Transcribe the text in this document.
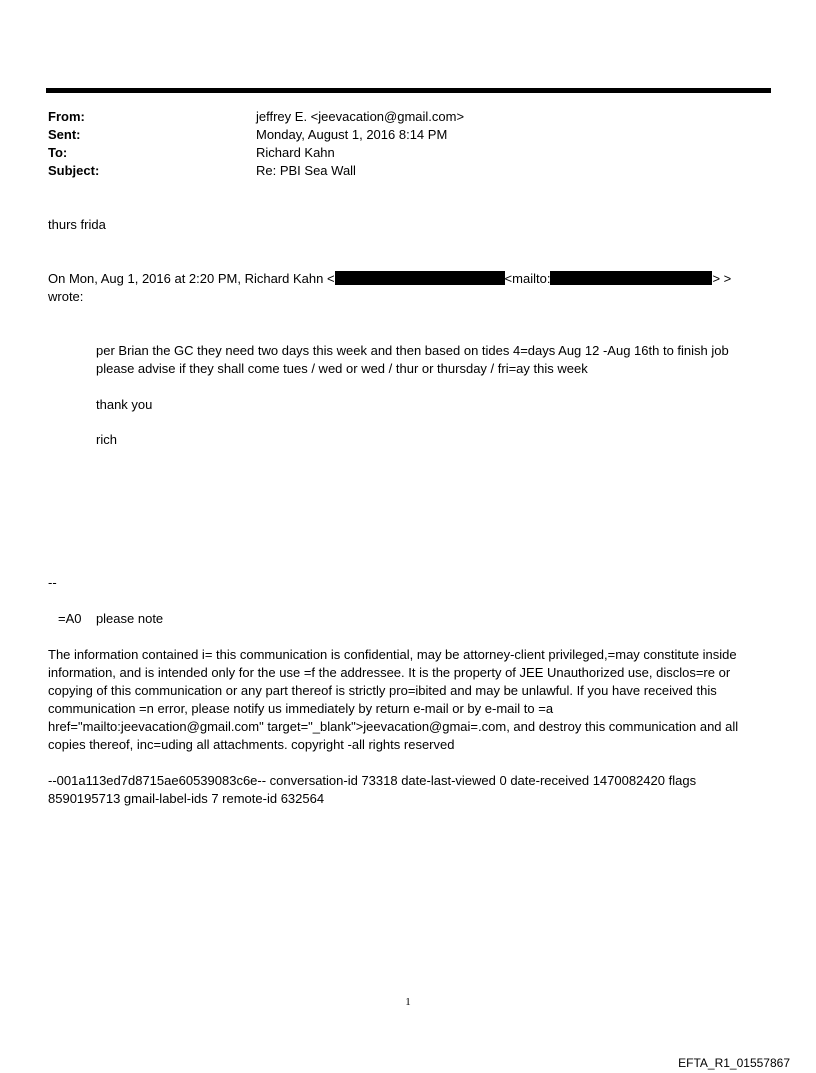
From:	jeffrey E. <jeevacation@gmail.com>
Sent:	Monday, August 1, 2016 8:14 PM
To:	Richard Kahn
Subject:	Re: PBI Sea Wall
thurs frida
On Mon, Aug 1, 2016 at 2:20 PM, Richard Kahn <	<mailto:	> >
wrote:
per Brian the GC they need two days this week and then based on tides 4=days Aug 12 -Aug 16th to finish job
please advise if they shall come tues / wed or wed / thur or thursday / fri=ay this week
thank you
rich
--
=A0    please note
The information contained i= this communication is confidential, may be attorney-client privileged,=may constitute inside information, and is intended only for the use =f the addressee. It is the property of JEE Unauthorized use, disclos=re or copying of this communication or any part thereof is strictly pro=ibited and may be unlawful. If you have received this communication =n error, please notify us immediately by return e-mail or by e-mail to =a href="mailto:jeevacation@gmail.com" target="_blank">jeevacation@gmai=.com, and destroy this communication and all copies thereof, inc=uding all attachments. copyright -all rights reserved
--001a113ed7d8715ae60539083c6e-- conversation-id 73318 date-last-viewed 0 date-received 1470082420 flags 8590195713 gmail-label-ids 7 remote-id 632564
1
EFTA_R1_01557867
